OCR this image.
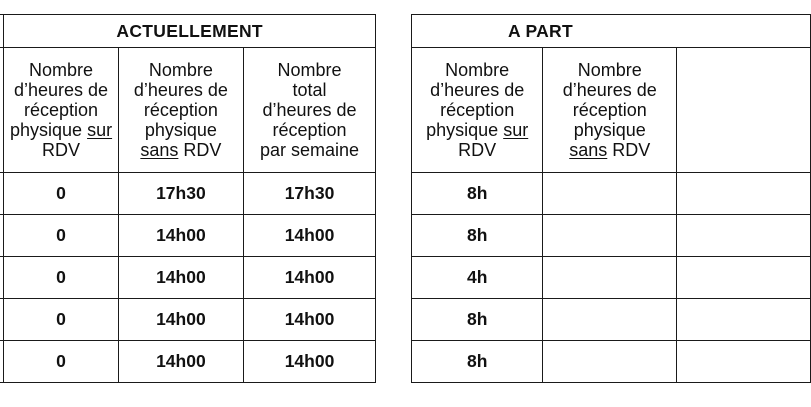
	ACTUELLEMENT		
	Nombre
d’heures de
réception
physique sur
RDV	Nombre
d’heures de
réception
physique
sans RDV	Nombre
total
d’heures de
réception
par semaine
	0	17h30	17h30
	0	14h00	14h00
	0	14h00	14h00
	0	14h00	14h00
	0	14h00	14h00
A PART		
Nombre
d’heures de
réception
physique sur
RDV	Nombre
d’heures de
réception
physique
sans RDV	
8h		
8h		
4h		
8h		
8h		
